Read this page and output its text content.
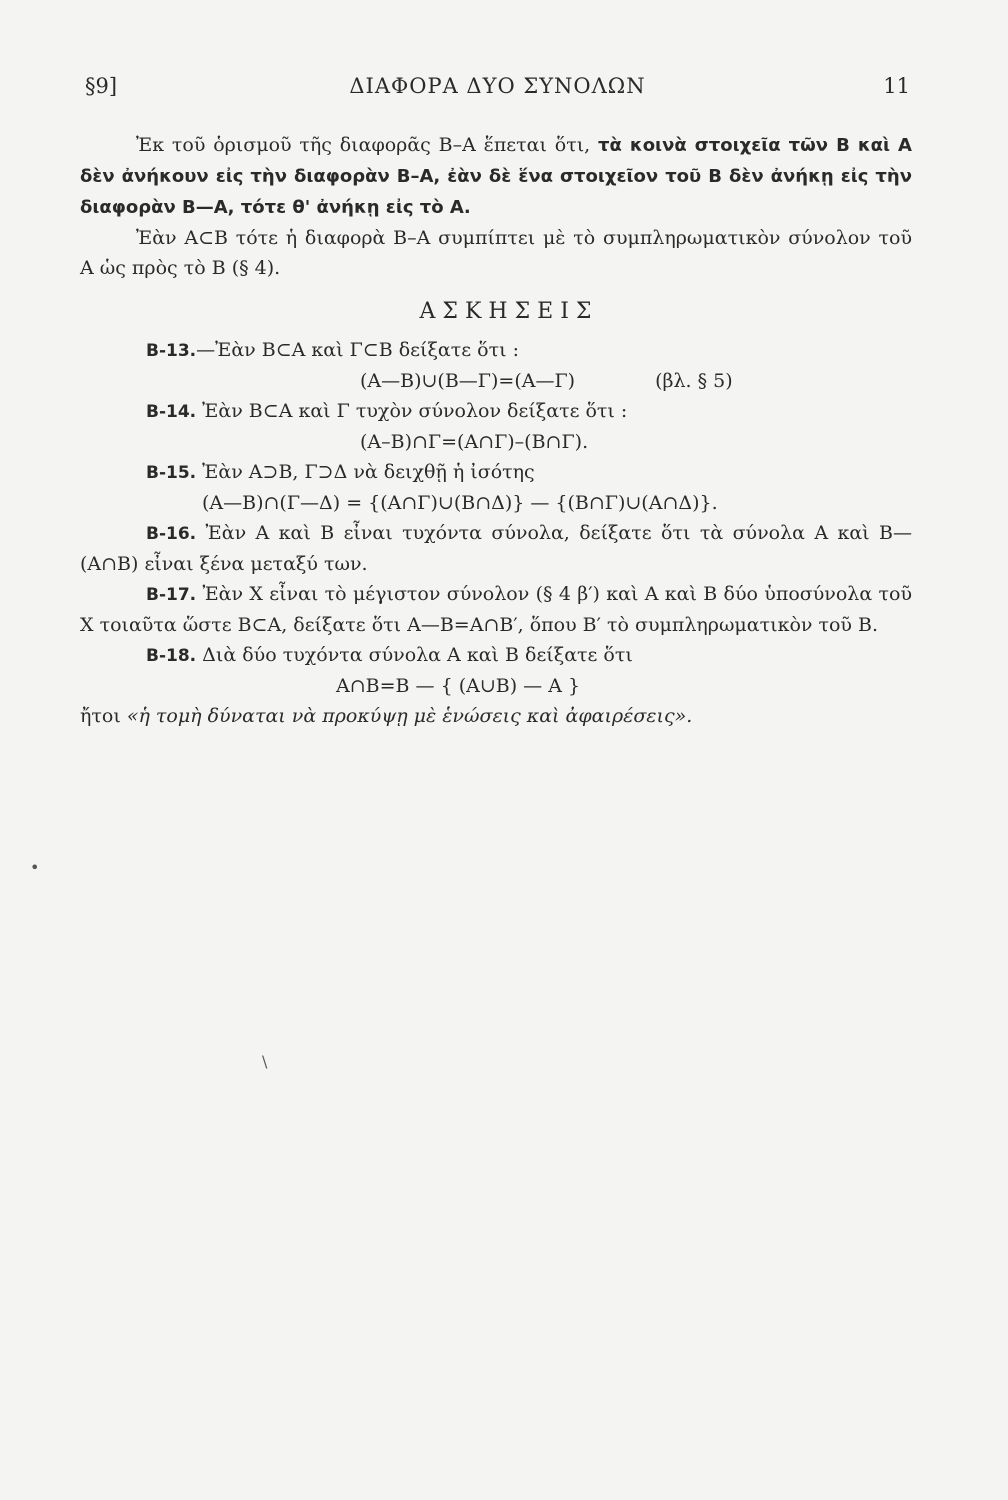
§9]	ΔΙΑΦΟΡΑ ΔΥΟ ΣΥΝΟΛΩΝ	11

Ἐκ τοῦ ὁρισμοῦ τῆς διαφορᾶς Β–Α ἕπεται ὅτι, τὰ κοινὰ στοιχεῖα τῶν Β καὶ Α δὲν ἀνήκουν εἰς τὴν διαφορὰν Β–Α, ἐὰν δὲ ἕνα στοιχεῖον τοῦ Β δὲν ἀνήκῃ εἰς τὴν διαφορὰν Β—Α, τότε θ' ἀνήκῃ εἰς τὸ Α.

Ἐὰν Α⊂Β τότε ἡ διαφορὰ Β–Α συμπίπτει μὲ τὸ συμπληρωματικὸν σύνολον τοῦ Α ὡς πρὸς τὸ Β (§ 4).

ΑΣΚΗΣΕΙΣ
Β-13.—Ἐὰν Β⊂Α καὶ Γ⊂Β δείξατε ὅτι :
(Α—Β)∪(Β—Γ)=(Α—Γ)	(βλ. § 5)
Β-14. Ἐὰν Β⊂Α καὶ Γ τυχὸν σύνολον δείξατε ὅτι :
(Α–Β)∩Γ=(Α∩Γ)–(Β∩Γ).
Β-15. Ἐὰν Α⊃Β, Γ⊃Δ νὰ δειχθῇ ἡ ἰσότης
(Α—Β)∩(Γ—Δ) = {(Α∩Γ)∪(Β∩Δ)} — {(Β∩Γ)∪(Α∩Δ)}.

Β-16. Ἐὰν Α καὶ Β εἶναι τυχόντα σύνολα, δείξατε ὅτι τὰ σύνολα Α καὶ Β—(Α∩Β) εἶναι ξένα μεταξύ των.

Β-17. Ἐὰν Χ εἶναι τὸ μέγιστον σύνολον (§ 4 β′) καὶ Α καὶ Β δύο ὑποσύνολα τοῦ Χ τοιαῦτα ὥστε Β⊂Α, δείξατε ὅτι Α—Β=Α∩Β′, ὅπου Β′ τὸ συμπληρωματικὸν τοῦ Β.

Β-18. Διὰ δύο τυχόντα σύνολα Α καὶ Β δείξατε ὅτι
Α∩Β=Β — { (Α∪Β) — Α }
ἤτοι «ἡ τομὴ δύναται νὰ προκύψῃ μὲ ἑνώσεις καὶ ἀφαιρέσεις».
•
\
